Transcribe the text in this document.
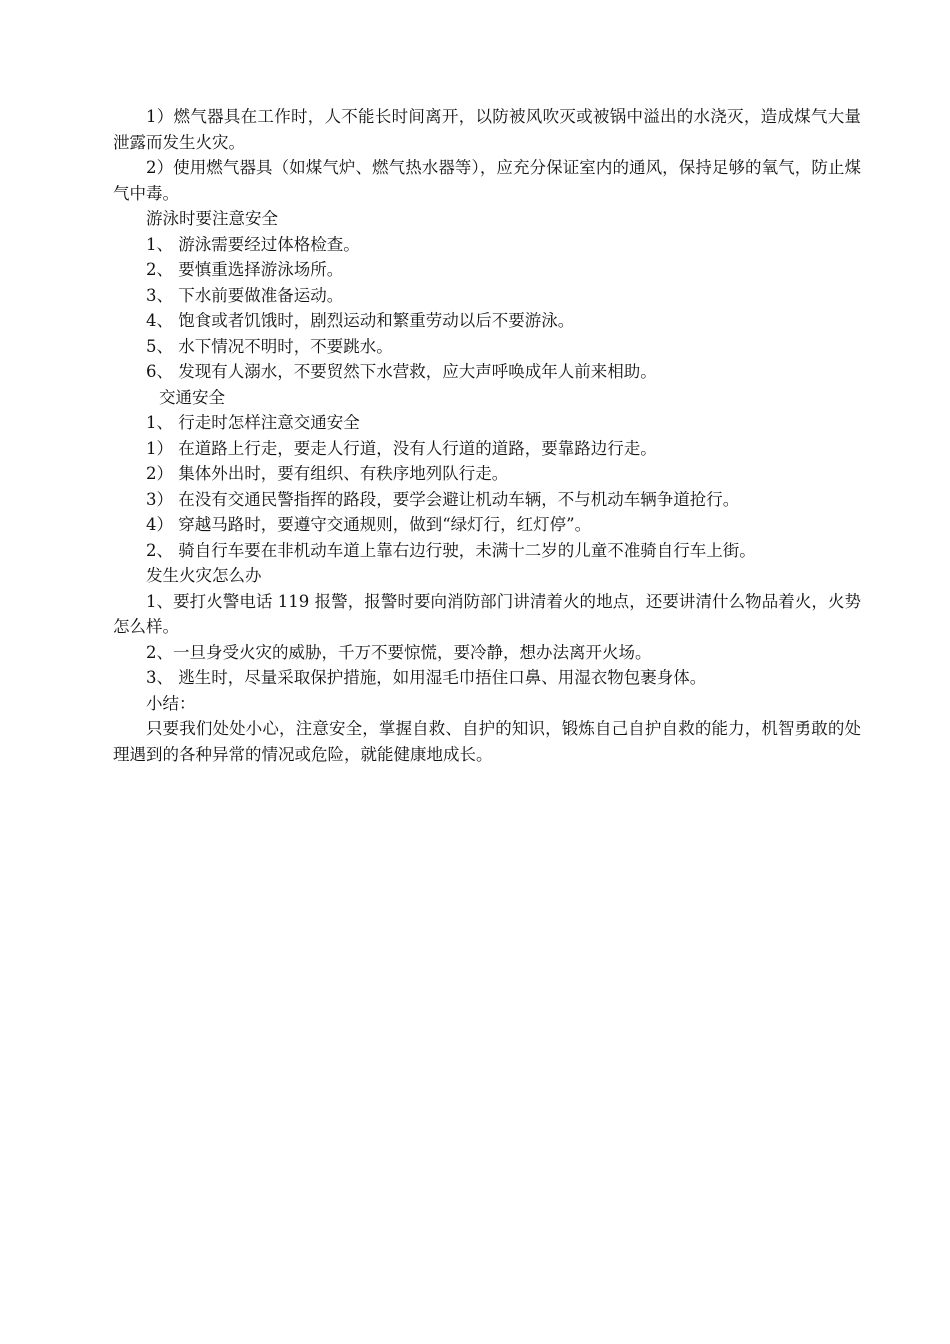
1）燃气器具在工作时，人不能长时间离开，以防被风吹灭或被锅中溢出的水浇灭，造成煤气大量泄露而发生火灾。

2）使用燃气器具（如煤气炉、燃气热水器等），应充分保证室内的通风，保持足够的氧气，防止煤气中毒。

游泳时要注意安全

1、 游泳需要经过体格检查。

2、 要慎重选择游泳场所。

3、 下水前要做准备运动。

4、 饱食或者饥饿时，剧烈运动和繁重劳动以后不要游泳。

5、 水下情况不明时，不要跳水。

6、 发现有人溺水，不要贸然下水营救，应大声呼唤成年人前来相助。

交通安全

1、 行走时怎样注意交通安全

1） 在道路上行走，要走人行道，没有人行道的道路，要靠路边行走。

2） 集体外出时，要有组织、有秩序地列队行走。

3） 在没有交通民警指挥的路段，要学会避让机动车辆，不与机动车辆争道抢行。

4） 穿越马路时，要遵守交通规则，做到“绿灯行，红灯停”。

2、 骑自行车要在非机动车道上靠右边行驶，未满十二岁的儿童不准骑自行车上街。

发生火灾怎么办

1、要打火警电话 119 报警，报警时要向消防部门讲清着火的地点，还要讲清什么物品着火，火势怎么样。

2、一旦身受火灾的威胁，千万不要惊慌，要冷静，想办法离开火场。

3、 逃生时，尽量采取保护措施，如用湿毛巾捂住口鼻、用湿衣物包裹身体。

小结：

只要我们处处小心，注意安全，掌握自救、自护的知识，锻炼自己自护自救的能力，机智勇敢的处理遇到的各种异常的情况或危险，就能健康地成长。
